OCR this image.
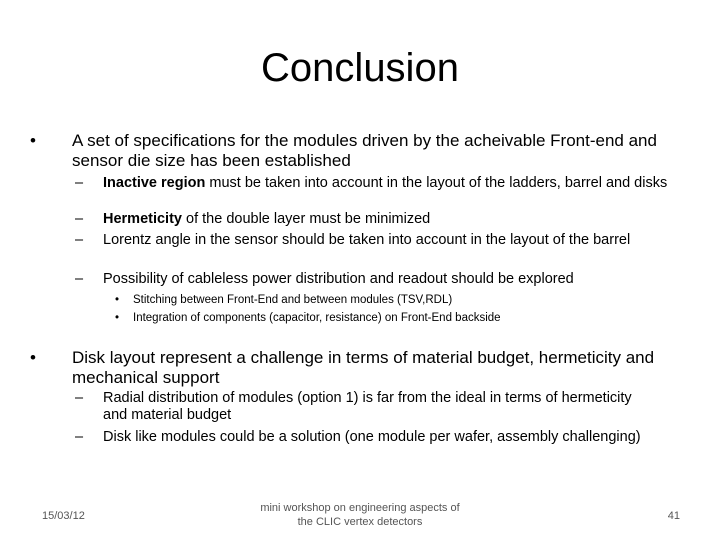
Conclusion
•	A set of specifications for the modules driven by the acheivable Front-end and sensor die size has been established
– Inactive region must be taken into account in the layout of the ladders, barrel and disks
– Hermeticity of the double layer must be minimized
– Lorentz angle in the sensor should be taken into account in the layout of the barrel
– Possibility of cableless power distribution and readout should be explored
• Stitching between Front-End and between modules (TSV,RDL)
• Integration of components (capacitor, resistance) on Front-End backside
•	Disk layout represent a challenge in terms of material budget, hermeticity and mechanical support
– Radial distribution of modules (option 1) is far from the ideal in terms of hermeticity and material budget
– Disk like modules could be a solution (one module per wafer, assembly challenging)
15/03/12
mini workshop on engineering aspects of the CLIC vertex detectors	41
